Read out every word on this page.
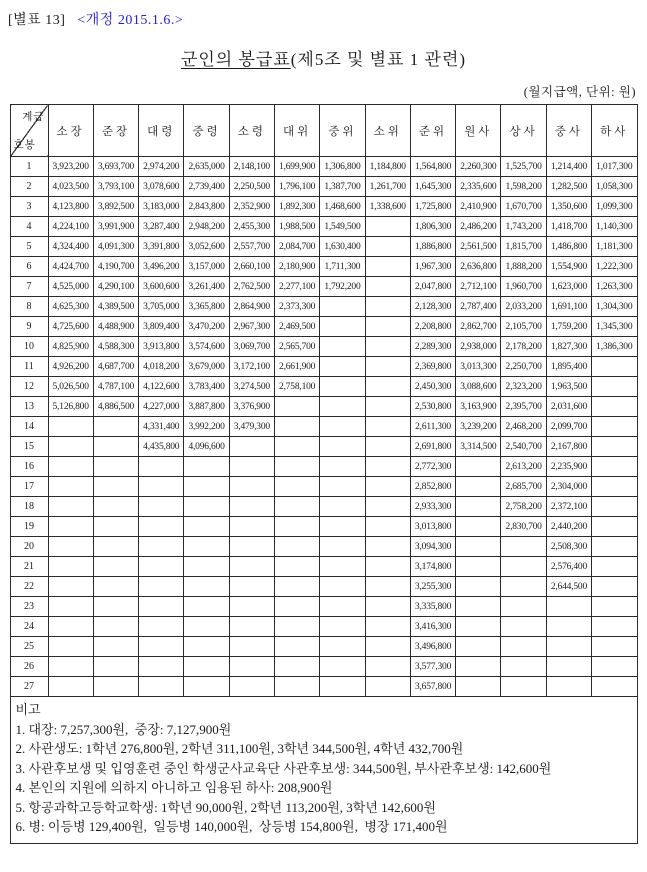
[별표 13] <개정 2015.1.6.>
군인의 봉급표(제5조 및 별표 1 관련)
(월지급액, 단위: 원)
계급
호봉	소장	준장	대령	중령	소령	대위	중위	소위	준위	원사	상사	중사	하사
1	3,923,200	3,693,700	2,974,200	2,635,000	2,148,100	1,699,900	1,306,800	1,184,800	1,564,800	2,260,300	1,525,700	1,214,400	1,017,300
2	4,023,500	3,793,100	3,078,600	2,739,400	2,250,500	1,796,100	1,387,700	1,261,700	1,645,300	2,335,600	1,598,200	1,282,500	1,058,300
3	4,123,800	3,892,500	3,183,000	2,843,800	2,352,900	1,892,300	1,468,600	1,338,600	1,725,800	2,410,900	1,670,700	1,350,600	1,099,300
4	4,224,100	3,991,900	3,287,400	2,948,200	2,455,300	1,988,500	1,549,500		1,806,300	2,486,200	1,743,200	1,418,700	1,140,300
5	4,324,400	4,091,300	3,391,800	3,052,600	2,557,700	2,084,700	1,630,400		1,886,800	2,561,500	1,815,700	1,486,800	1,181,300
6	4,424,700	4,190,700	3,496,200	3,157,000	2,660,100	2,180,900	1,711,300		1,967,300	2,636,800	1,888,200	1,554,900	1,222,300
7	4,525,000	4,290,100	3,600,600	3,261,400	2,762,500	2,277,100	1,792,200		2,047,800	2,712,100	1,960,700	1,623,000	1,263,300
8	4,625,300	4,389,500	3,705,000	3,365,800	2,864,900	2,373,300			2,128,300	2,787,400	2,033,200	1,691,100	1,304,300
9	4,725,600	4,488,900	3,809,400	3,470,200	2,967,300	2,469,500			2,208,800	2,862,700	2,105,700	1,759,200	1,345,300
10	4,825,900	4,588,300	3,913,800	3,574,600	3,069,700	2,565,700			2,289,300	2,938,000	2,178,200	1,827,300	1,386,300
11	4,926,200	4,687,700	4,018,200	3,679,000	3,172,100	2,661,900			2,369,800	3,013,300	2,250,700	1,895,400	
12	5,026,500	4,787,100	4,122,600	3,783,400	3,274,500	2,758,100			2,450,300	3,088,600	2,323,200	1,963,500	
13	5,126,800	4,886,500	4,227,000	3,887,800	3,376,900				2,530,800	3,163,900	2,395,700	2,031,600	
14			4,331,400	3,992,200	3,479,300				2,611,300	3,239,200	2,468,200	2,099,700	
15			4,435,800	4,096,600					2,691,800	3,314,500	2,540,700	2,167,800	
16									2,772,300		2,613,200	2,235,900	
17									2,852,800		2,685,700	2,304,000	
18									2,933,300		2,758,200	2,372,100	
19									3,013,800		2,830,700	2,440,200	
20									3,094,300			2,508,300	
21									3,174,800			2,576,400	
22									3,255,300			2,644,500	
23									3,335,800				
24									3,416,300				
25									3,496,800				
26									3,577,300				
27									3,657,800				
비고
1. 대장: 7,257,300원,  중장: 7,127,900원
2. 사관생도: 1학년 276,800원, 2학년 311,100원, 3학년 344,500원, 4학년 432,700원
3. 사관후보생 및 입영훈련 중인 학생군사교육단 사관후보생: 344,500원, 부사관후보생: 142,600원
4. 본인의 지원에 의하지 아니하고 임용된 하사: 208,900원
5. 항공과학고등학교학생: 1학년 90,000원, 2학년 113,200원, 3학년 142,600원
6. 병: 이등병 129,400원,  일등병 140,000원,  상등병 154,800원,  병장 171,400원
